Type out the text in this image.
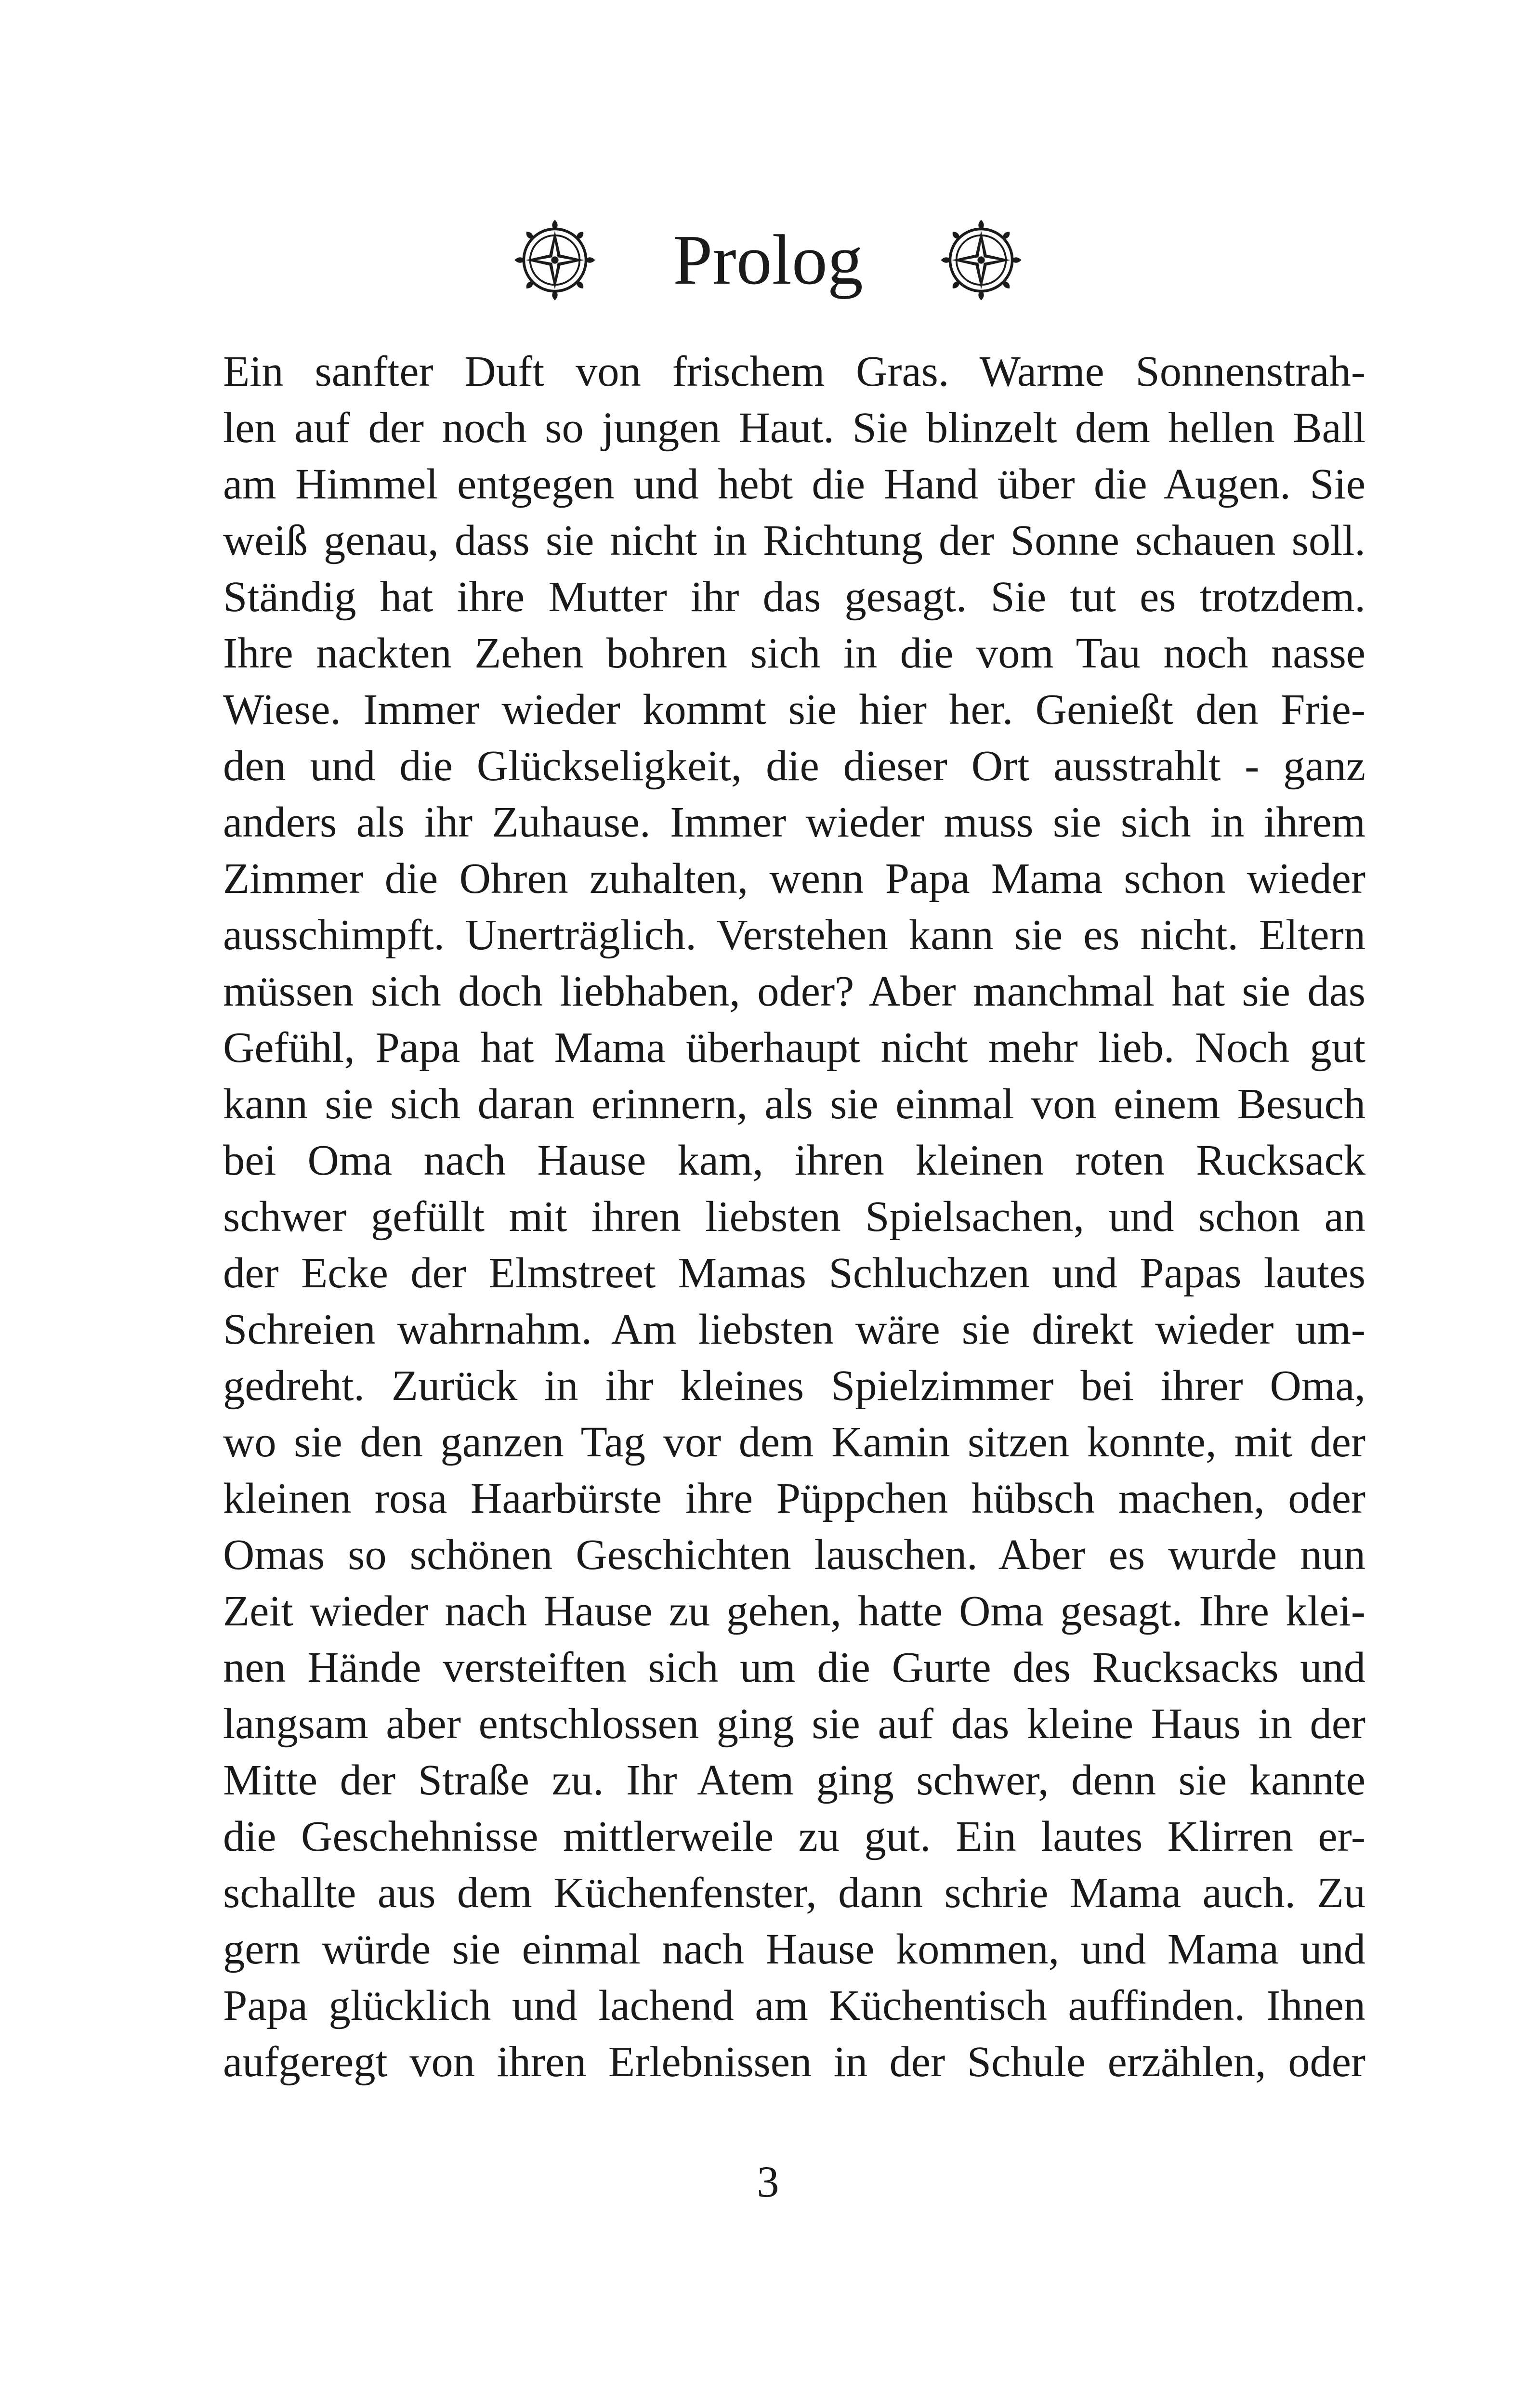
Prolog
Ein sanfter Duft von frischem Gras. Warme Sonnenstrah-
len auf der noch so jungen Haut. Sie blinzelt dem hellen Ball
am Himmel entgegen und hebt die Hand über die Augen. Sie
weiß genau, dass sie nicht in Richtung der Sonne schauen soll.
Ständig hat ihre Mutter ihr das gesagt. Sie tut es trotzdem.
Ihre nackten Zehen bohren sich in die vom Tau noch nasse
Wiese. Immer wieder kommt sie hier her. Genießt den Frie-
den und die Glückseligkeit, die dieser Ort ausstrahlt - ganz
anders als ihr Zuhause. Immer wieder muss sie sich in ihrem
Zimmer die Ohren zuhalten, wenn Papa Mama schon wieder
ausschimpft. Unerträglich. Verstehen kann sie es nicht. Eltern
müssen sich doch liebhaben, oder? Aber manchmal hat sie das
Gefühl, Papa hat Mama überhaupt nicht mehr lieb. Noch gut
kann sie sich daran erinnern, als sie einmal von einem Besuch
bei Oma nach Hause kam, ihren kleinen roten Rucksack
schwer gefüllt mit ihren liebsten Spielsachen, und schon an
der Ecke der Elmstreet Mamas Schluchzen und Papas lautes
Schreien wahrnahm. Am liebsten wäre sie direkt wieder um-
gedreht. Zurück in ihr kleines Spielzimmer bei ihrer Oma,
wo sie den ganzen Tag vor dem Kamin sitzen konnte, mit der
kleinen rosa Haarbürste ihre Püppchen hübsch machen, oder
Omas so schönen Geschichten lauschen. Aber es wurde nun
Zeit wieder nach Hause zu gehen, hatte Oma gesagt. Ihre klei-
nen Hände versteiften sich um die Gurte des Rucksacks und
langsam aber entschlossen ging sie auf das kleine Haus in der
Mitte der Straße zu. Ihr Atem ging schwer, denn sie kannte
die Geschehnisse mittlerweile zu gut. Ein lautes Klirren er-
schallte aus dem Küchenfenster, dann schrie Mama auch. Zu
gern würde sie einmal nach Hause kommen, und Mama und
Papa glücklich und lachend am Küchentisch auffinden. Ihnen
aufgeregt von ihren Erlebnissen in der Schule erzählen, oder
3
